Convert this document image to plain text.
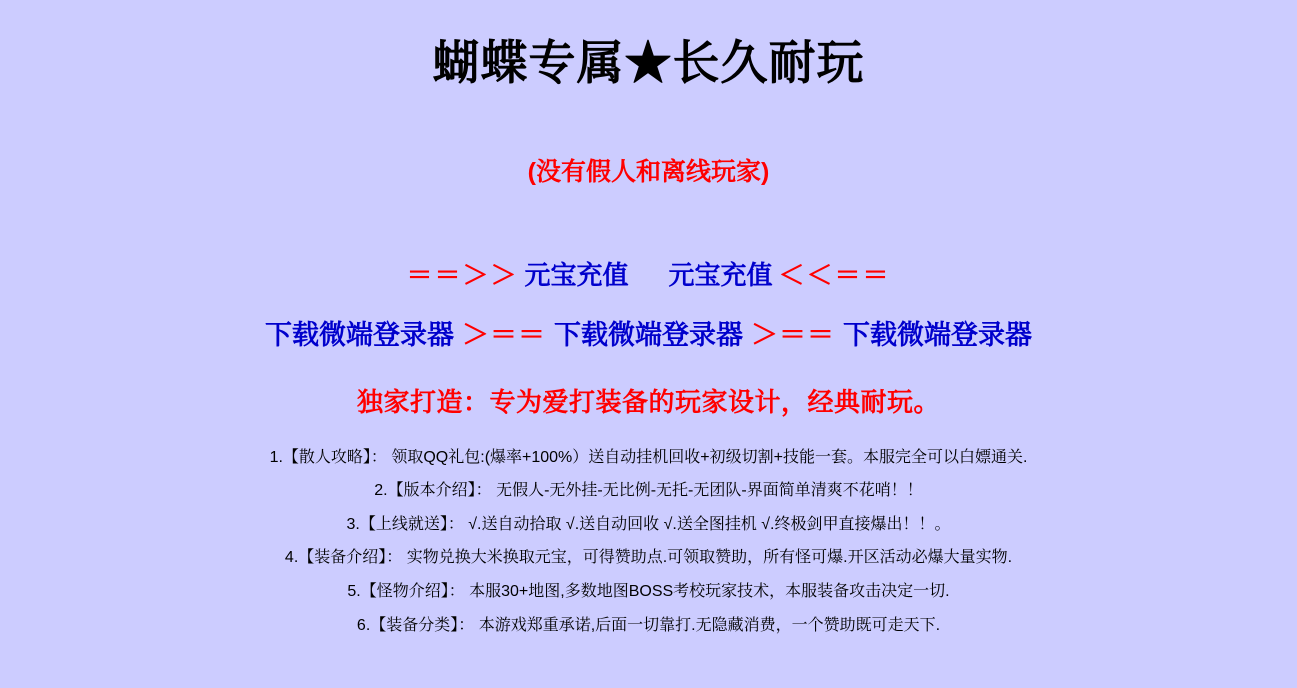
蝴蝶专属★长久耐玩
(没有假人和离线玩家)
＝＝＞＞ 元宝充值 元宝充值 ＜＜＝＝
下载微端登录器 ＞＝＝ 下载微端登录器 ＞＝＝ 下载微端登录器
独家打造：专为爱打装备的玩家设计，经典耐玩。
1.【散人攻略】： 领取QQ礼包:(爆率+100%）送自动挂机回收+初级切割+技能一套。本服完全可以白嫖通关.
2.【版本介绍】： 无假人-无外挂-无比例-无托-无团队-界面简单清爽不花哨！！
3.【上线就送】： √.送自动拾取 √.送自动回收 √.送全图挂机 √.终极剑甲直接爆出！！。
4.【装备介绍】： 实物兑换大米换取元宝，可得赞助点.可领取赞助，所有怪可爆.开区活动必爆大量实物.
5.【怪物介绍】： 本服30+地图,多数地图BOSS考校玩家技术，本服装备攻击决定一切.
6.【装备分类】： 本游戏郑重承诺,后面一切靠打.无隐藏消费，一个赞助既可走天下.
